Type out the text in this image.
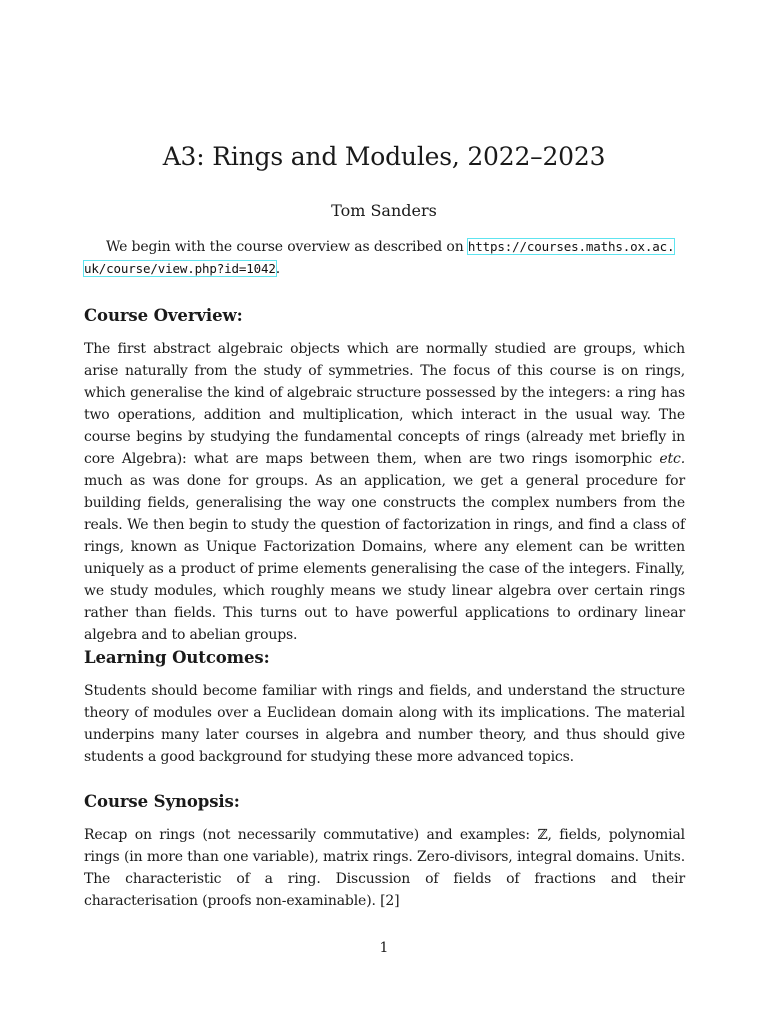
A3: Rings and Modules, 2022–2023
Tom Sanders

We begin with the course overview as described on https://courses.maths.ox.ac.
uk/course/view.php?id=1042.

Course Overview:

The first abstract algebraic objects which are normally studied are groups, which arise naturally from the study of symmetries. The focus of this course is on rings, which generalise the kind of algebraic structure possessed by the integers: a ring has two operations, addition and multiplication, which interact in the usual way. The course begins by studying the fundamental concepts of rings (already met briefly in core Algebra): what are maps between them, when are two rings isomorphic etc. much as was done for groups. As an application, we get a general procedure for building fields, generalising the way one constructs the complex numbers from the reals. We then begin to study the question of factorization in rings, and find a class of rings, known as Unique Factorization Domains, where any element can be written uniquely as a product of prime elements generalising the case of the integers. Finally, we study modules, which roughly means we study linear algebra over certain rings rather than fields. This turns out to have powerful applications to ordinary linear algebra and to abelian groups.

Learning Outcomes:

Students should become familiar with rings and fields, and understand the structure theory of modules over a Euclidean domain along with its implications. The material underpins many later courses in algebra and number theory, and thus should give students a good background for studying these more advanced topics.

Course Synopsis:

Recap on rings (not necessarily commutative) and examples: ℤ, fields, polynomial rings (in more than one variable), matrix rings. Zero-divisors, integral domains. Units. The characteristic of a ring. Discussion of fields of fractions and their characterisation (proofs non-examinable). [2]

1
